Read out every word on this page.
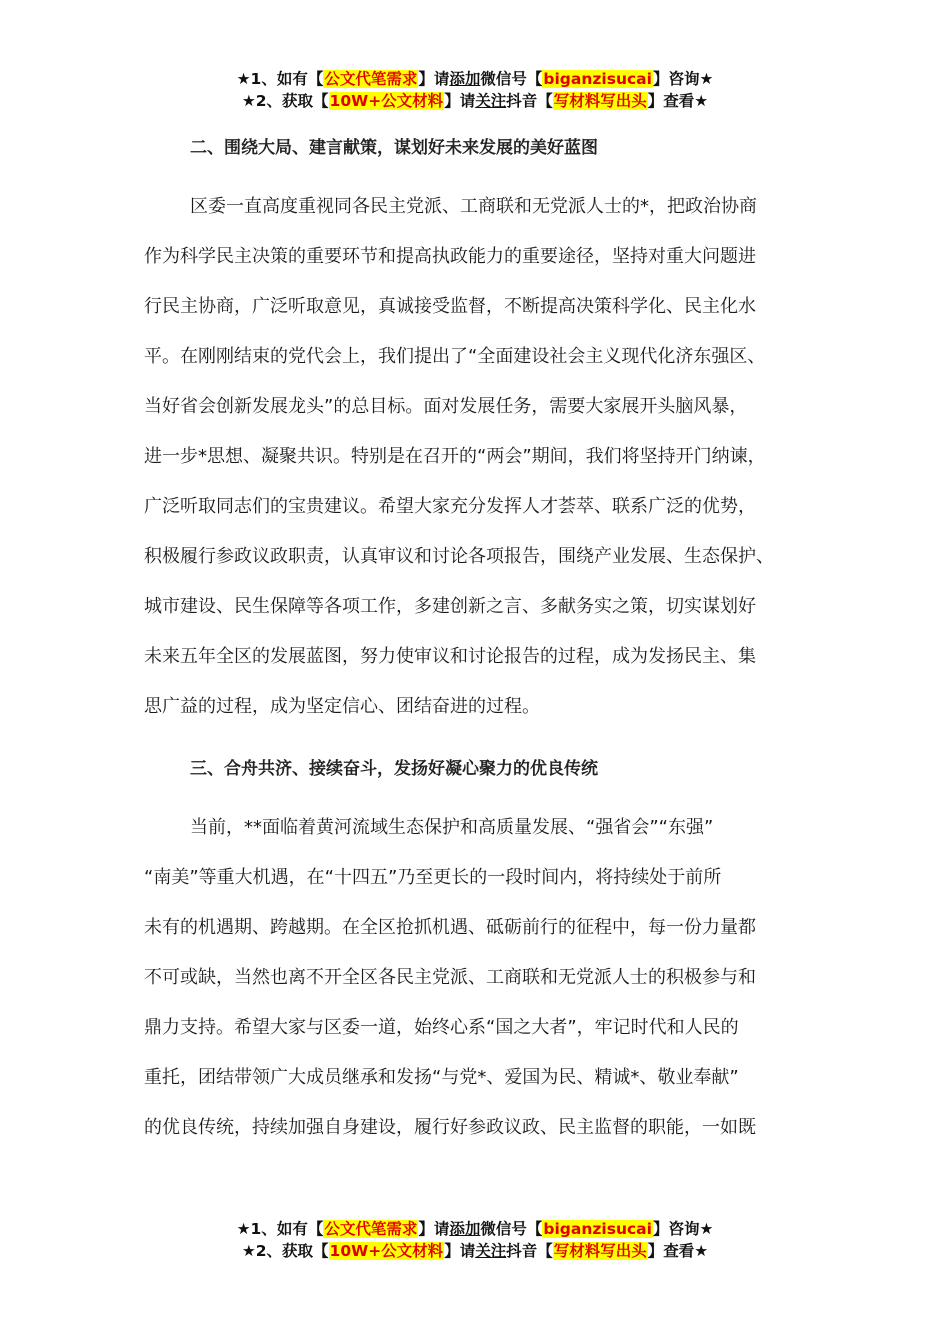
★1、如有【公文代笔需求】请添加微信号【biganzisucai】咨询★
★2、获取【10W+公文材料】请关注抖音【写材料写出头】查看★
二、围绕大局、建言献策，谋划好未来发展的美好蓝图
区委一直高度重视同各民主党派、工商联和无党派人士的*，把政治协商
作为科学民主决策的重要环节和提高执政能力的重要途径，坚持对重大问题进
行民主协商，广泛听取意见，真诚接受监督，不断提高决策科学化、民主化水
平。在刚刚结束的党代会上，我们提出了“全面建设社会主义现代化济东强区、
当好省会创新发展龙头”的总目标。面对发展任务，需要大家展开头脑风暴，
进一步*思想、凝聚共识。特别是在召开的“两会”期间，我们将坚持开门纳谏，
广泛听取同志们的宝贵建议。希望大家充分发挥人才荟萃、联系广泛的优势，
积极履行参政议政职责，认真审议和讨论各项报告，围绕产业发展、生态保护、
城市建设、民生保障等各项工作，多建创新之言、多献务实之策，切实谋划好
未来五年全区的发展蓝图，努力使审议和讨论报告的过程，成为发扬民主、集
思广益的过程，成为坚定信心、团结奋进的过程。
三、合舟共济、接续奋斗，发扬好凝心聚力的优良传统
当前，**面临着黄河流域生态保护和高质量发展、“强省会”“东强”
“南美”等重大机遇，在“十四五”乃至更长的一段时间内，将持续处于前所
未有的机遇期、跨越期。在全区抢抓机遇、砥砺前行的征程中，每一份力量都
不可或缺，当然也离不开全区各民主党派、工商联和无党派人士的积极参与和
鼎力支持。希望大家与区委一道，始终心系“国之大者”，牢记时代和人民的
重托，团结带领广大成员继承和发扬“与党*、爱国为民、精诚*、敬业奉献”
的优良传统，持续加强自身建设，履行好参政议政、民主监督的职能，一如既
★1、如有【公文代笔需求】请添加微信号【biganzisucai】咨询★
★2、获取【10W+公文材料】请关注抖音【写材料写出头】查看★
